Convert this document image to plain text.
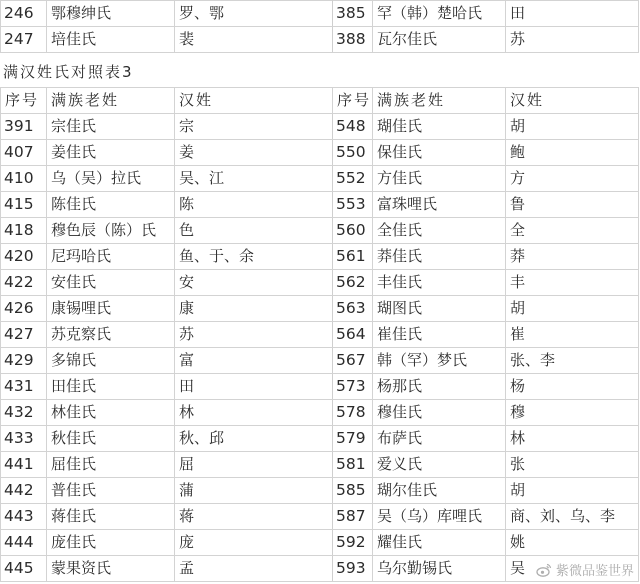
246	鄂穆绅氏	罗、鄂	385	罕（韩）楚哈氏	田
247	培佳氏	裴	388	瓦尔佳氏	苏
满汉姓氏对照表3
序号	满族老姓	汉姓	序号	满族老姓	汉姓
391	宗佳氏	宗	548	瑚佳氏	胡
407	姜佳氏	姜	550	保佳氏	鲍
410	乌（吴）拉氏	吴、江	552	方佳氏	方
415	陈佳氏	陈	553	富珠哩氏	鲁
418	穆色辰（陈）氏	色	560	全佳氏	全
420	尼玛哈氏	鱼、于、余	561	莽佳氏	莽
422	安佳氏	安	562	丰佳氏	丰
426	康锡哩氏	康	563	瑚图氏	胡
427	苏克察氏	苏	564	崔佳氏	崔
429	多锦氏	富	567	韩（罕）梦氏	张、李
431	田佳氏	田	573	杨那氏	杨
432	林佳氏	林	578	穆佳氏	穆
433	秋佳氏	秋、邱	579	布萨氏	林
441	屈佳氏	屈	581	爱义氏	张
442	普佳氏	蒲	585	瑚尔佳氏	胡
443	蒋佳氏	蒋	587	吴（乌）库哩氏	商、刘、乌、李
444	庞佳氏	庞	592	耀佳氏	姚
445	蒙果资氏	孟	593	乌尔勤锡氏	吴 紫微品鉴世界
